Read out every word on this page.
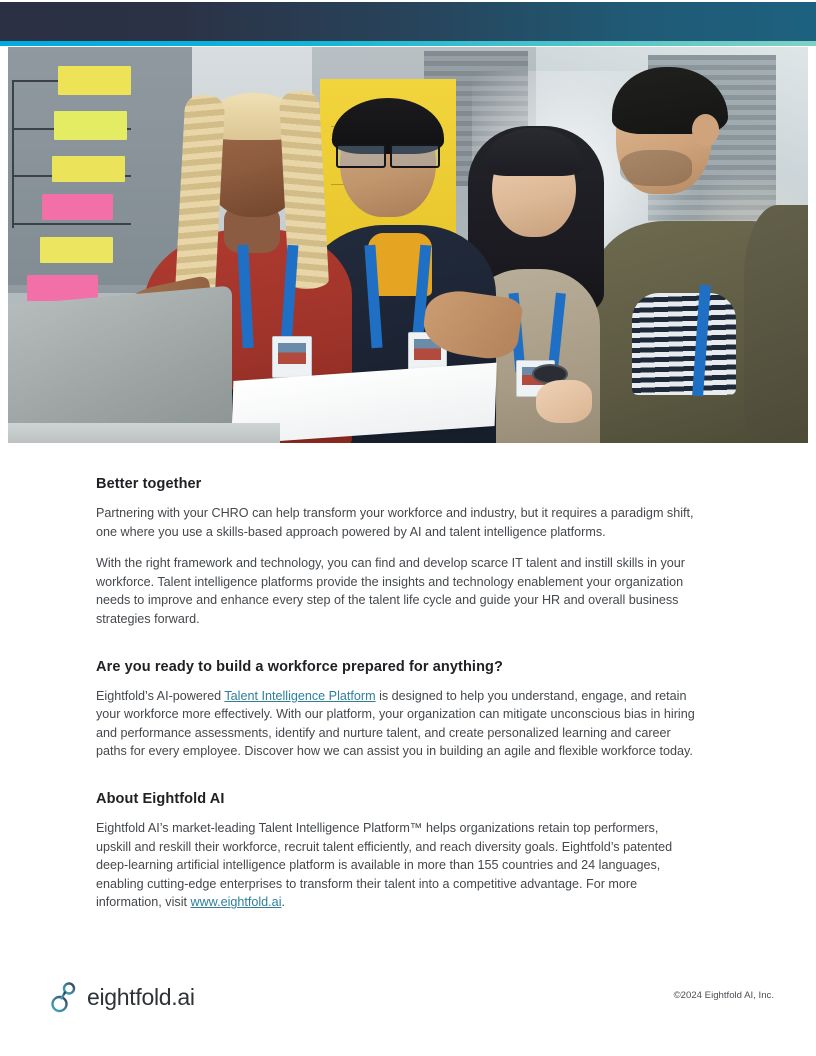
Better together

Partnering with your CHRO can help transform your workforce and industry, but it requires a paradigm shift, one where you use a skills-based approach powered by AI and talent intelligence platforms.

With the right framework and technology, you can find and develop scarce IT talent and instill skills in your workforce. Talent intelligence platforms provide the insights and technology enablement your organization needs to improve and enhance every step of the talent life cycle and guide your HR and overall business strategies forward.

Are you ready to build a workforce prepared for anything?

Eightfold’s AI-powered Talent Intelligence Platform is designed to help you understand, engage, and retain your workforce more effectively. With our platform, your organization can mitigate unconscious bias in hiring and performance assessments, identify and nurture talent, and create personalized learning and career paths for every employee. Discover how we can assist you in building an agile and flexible workforce today.

About Eightfold AI

Eightfold AI’s market-leading Talent Intelligence Platform™ helps organizations retain top performers, upskill and reskill their workforce, recruit talent efficiently, and reach diversity goals. Eightfold’s patented deep-learning artificial intelligence platform is available in more than 155 countries and 24 languages, enabling cutting-edge enterprises to transform their talent into a competitive advantage. For more information, visit www.eightfold.ai.

eightfold.ai	©2024 Eightfold AI, Inc.
